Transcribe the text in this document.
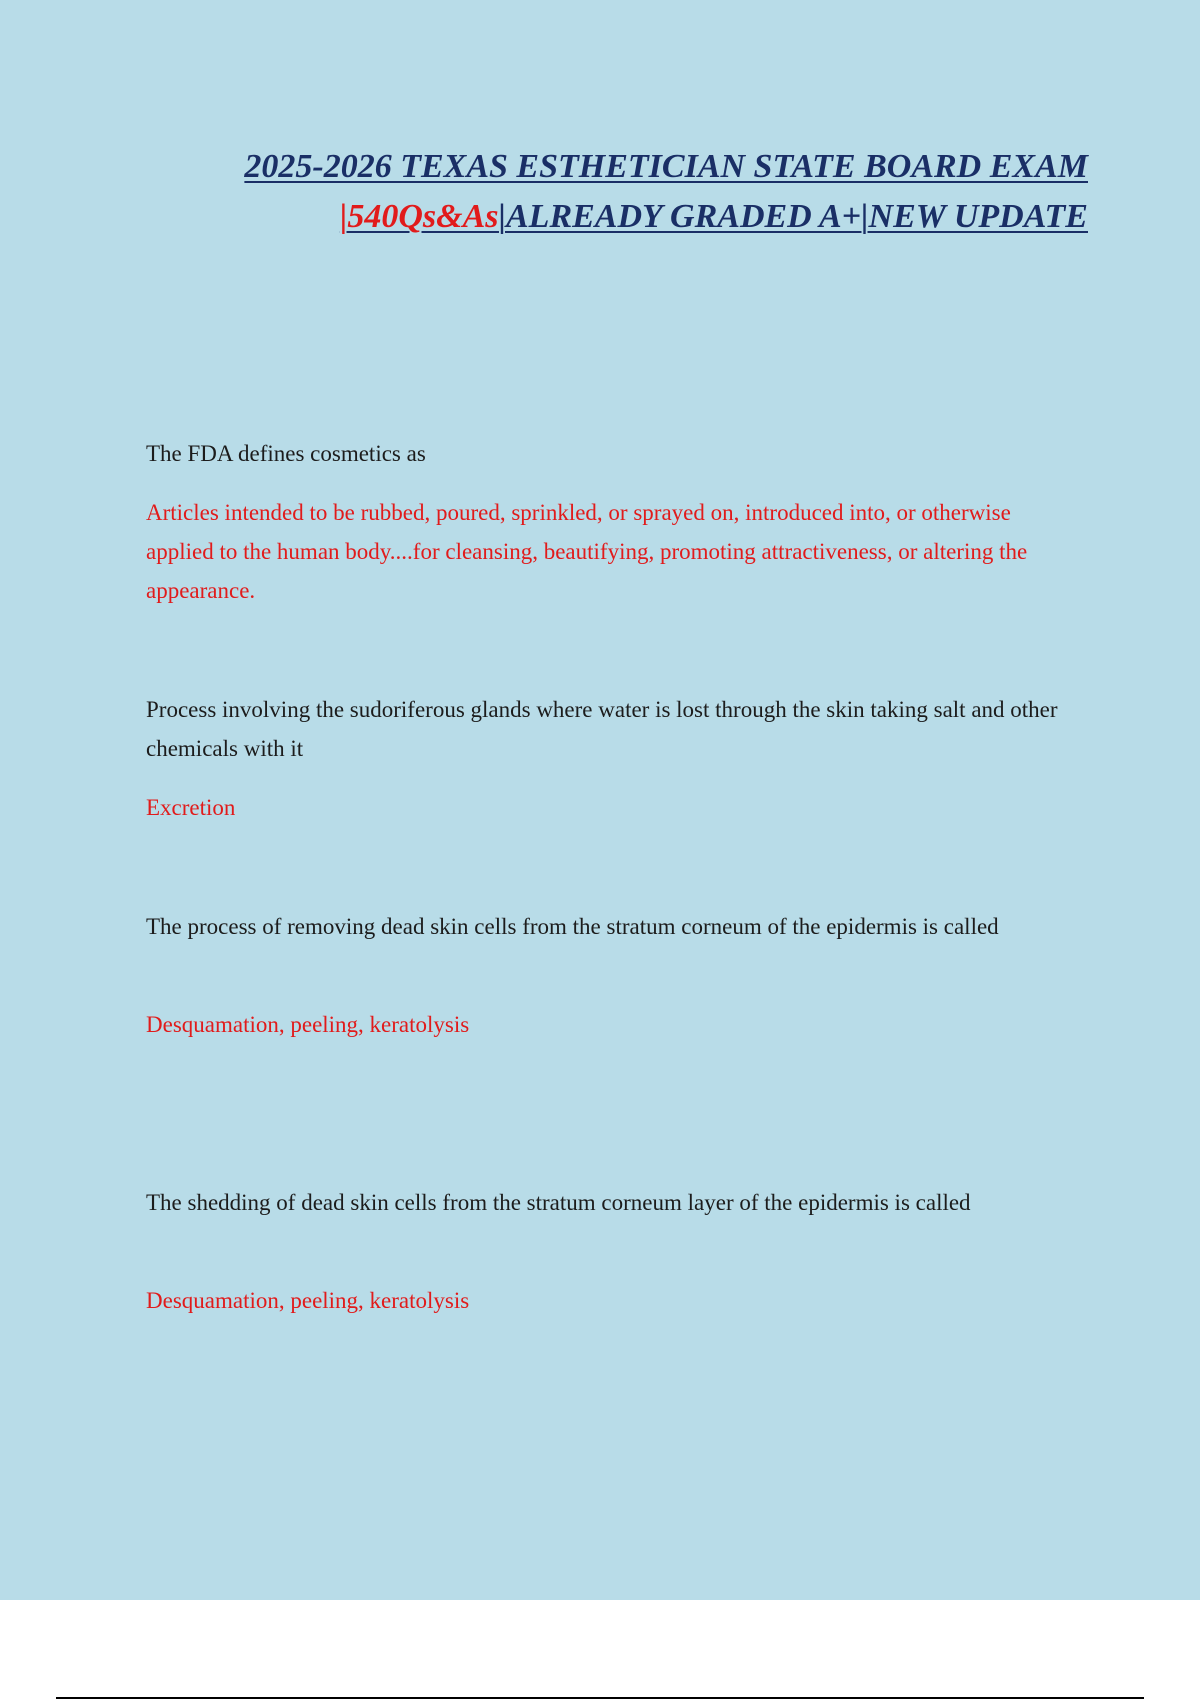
2025-2026 TEXAS ESTHETICIAN STATE BOARD EXAM |540Qs&As|ALREADY GRADED A+|NEW UPDATE

The FDA defines cosmetics as

Articles intended to be rubbed, poured, sprinkled, or sprayed on, introduced into, or otherwise applied to the human body....for cleansing, beautifying, promoting attractiveness, or altering the appearance.

Process involving the sudoriferous glands where water is lost through the skin taking salt and other chemicals with it

Excretion

The process of removing dead skin cells from the stratum corneum of the epidermis is called

Desquamation, peeling, keratolysis

The shedding of dead skin cells from the stratum corneum layer of the epidermis is called

Desquamation, peeling, keratolysis
